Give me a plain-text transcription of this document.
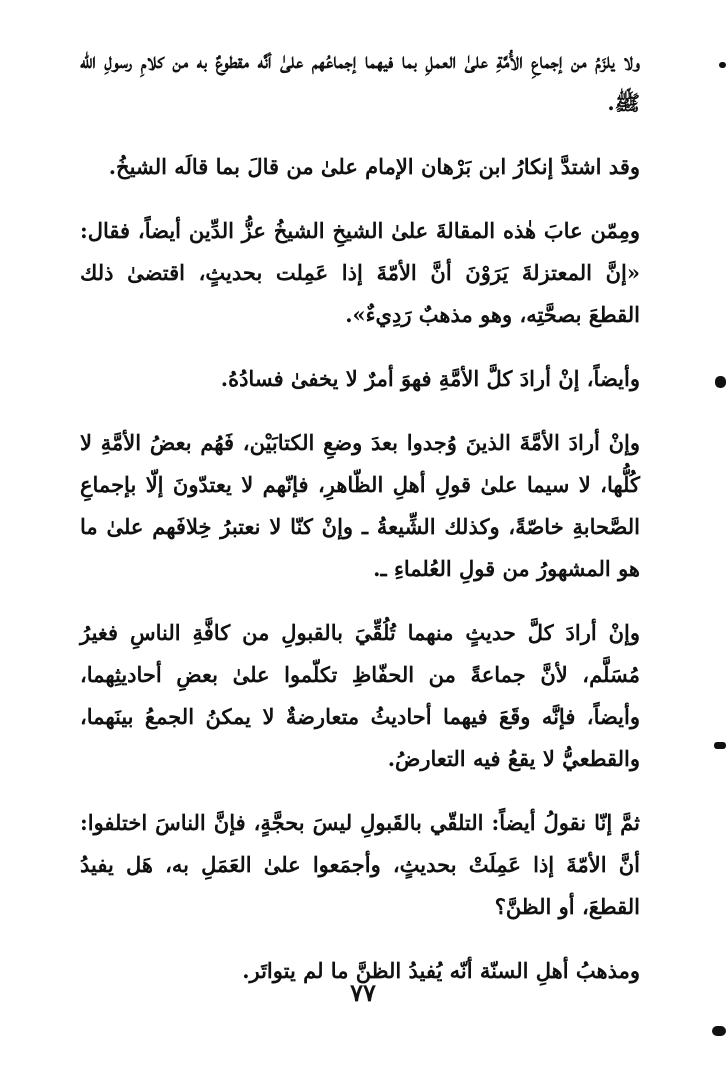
ولا يلزَمُ من إجماعِ الأُمَّةِ علىٰ العملِ بما فيهما إجماعُهم علىٰ أنَّه مقطوعٌ به من كلامِ رسولِ الله ﷺ.

وقد اشتدَّ إنكارُ ابن بَرْهان الإمام علىٰ من قالَ بما قالَه الشيخُ.

ومِمّن عابَ هٰذه المقالةَ علىٰ الشيخِ الشيخُ عزُّ الدِّين أيضاً، فقال: «إنَّ المعتزلةَ يَرَوْنَ أنَّ الأمّةَ إذا عَمِلت بحديثٍ، اقتضىٰ ذلك القطعَ بصحَّتِه، وهو مذهبٌ رَدِيءٌ».

وأيضاً، إنْ أرادَ كلَّ الأمَّةِ فهوَ أمرٌ لا يخفىٰ فسادُهُ.

وإنْ أرادَ الأمَّةَ الذينَ وُجدوا بعدَ وضعِ الكتابَيْن، فَهُم بعضُ الأمَّةِ لا كُلُّها، لا سيما علىٰ قولِ أهلِ الظّاهرِ، فإنّهم لا يعتدّونَ إلّا بإجماعِ الصَّحابةِ خاصّةً، وكذلك الشِّيعةُ ـ وإنْ كنّا لا نعتبرُ خِلافَهم علىٰ ما هو المشهورُ من قولِ العُلماءِ ـ.

وإنْ أرادَ كلَّ حديثٍ منهما تُلُقِّيَ بالقبولِ من كافَّةِ الناسِ فغيرُ مُسَلَّم، لأنَّ جماعةً من الحفّاظِ تكلّموا علىٰ بعضِ أحاديثِهما، وأيضاً، فإنَّه وقَعَ فيهما أحاديثُ متعارضةٌ لا يمكنُ الجمعُ بينَهما، والقطعيُّ لا يقعُ فيه التعارضُ.

ثمَّ إنّا نقولُ أيضاً: التلقّي بالقَبولِ ليسَ بحجَّةٍ، فإنَّ الناسَ اختلفوا: أنَّ الأمّةَ إذا عَمِلَتْ بحديثٍ، وأجمَعوا علىٰ العَمَلِ به، هَل يفيدُ القطعَ، أو الظنَّ؟

ومذهبُ أهلِ السنّة أنّه يُفيدُ الظنَّ ما لم يتواتَر.

٧٧
